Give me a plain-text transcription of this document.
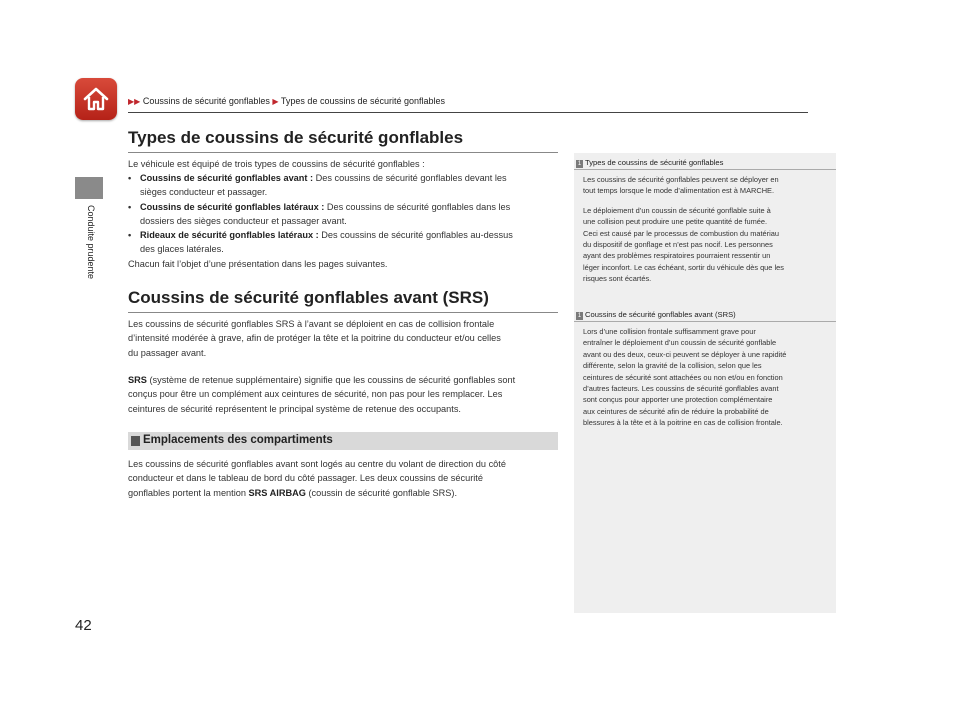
▶▶ Coussins de sécurité gonflables ▶ Types de coussins de sécurité gonflables
Conduite prudente
Types de coussins de sécurité gonflables
Le véhicule est équipé de trois types de coussins de sécurité gonflables :
• Coussins de sécurité gonflables avant : Des coussins de sécurité gonflables devant les
sièges conducteur et passager.
• Coussins de sécurité gonflables latéraux : Des coussins de sécurité gonflables dans les
dossiers des sièges conducteur et passager avant.
• Rideaux de sécurité gonflables latéraux : Des coussins de sécurité gonflables au-dessus
des glaces latérales.
Chacun fait l’objet d’une présentation dans les pages suivantes.
Coussins de sécurité gonflables avant (SRS)
Les coussins de sécurité gonflables SRS à l’avant se déploient en cas de collision frontale
d’intensité modérée à grave, afin de protéger la tête et la poitrine du conducteur et/ou celles
du passager avant.
SRS (système de retenue supplémentaire) signifie que les coussins de sécurité gonflables sont
conçus pour être un complément aux ceintures de sécurité, non pas pour les remplacer. Les
ceintures de sécurité représentent le principal système de retenue des occupants.
Emplacements des compartiments
Les coussins de sécurité gonflables avant sont logés au centre du volant de direction du côté
conducteur et dans le tableau de bord du côté passager. Les deux coussins de sécurité
gonflables portent la mention SRS AIRBAG (coussin de sécurité gonflable SRS).
1 Types de coussins de sécurité gonflables
Les coussins de sécurité gonflables peuvent se déployer en
tout temps lorsque le mode d’alimentation est à MARCHE.
Le déploiement d’un coussin de sécurité gonflable suite à
une collision peut produire une petite quantité de fumée.
Ceci est causé par le processus de combustion du matériau
du dispositif de gonflage et n’est pas nocif. Les personnes
ayant des problèmes respiratoires pourraient ressentir un
léger inconfort. Le cas échéant, sortir du véhicule dès que les
risques sont écartés.
1 Coussins de sécurité gonflables avant (SRS)
Lors d’une collision frontale suffisamment grave pour
entraîner le déploiement d’un coussin de sécurité gonflable
avant ou des deux, ceux-ci peuvent se déployer à une rapidité
différente, selon la gravité de la collision, selon que les
ceintures de sécurité sont attachées ou non et/ou en fonction
d’autres facteurs. Les coussins de sécurité gonflables avant
sont conçus pour apporter une protection complémentaire
aux ceintures de sécurité afin de réduire la probabilité de
blessures à la tête et à la poitrine en cas de collision frontale.
42
